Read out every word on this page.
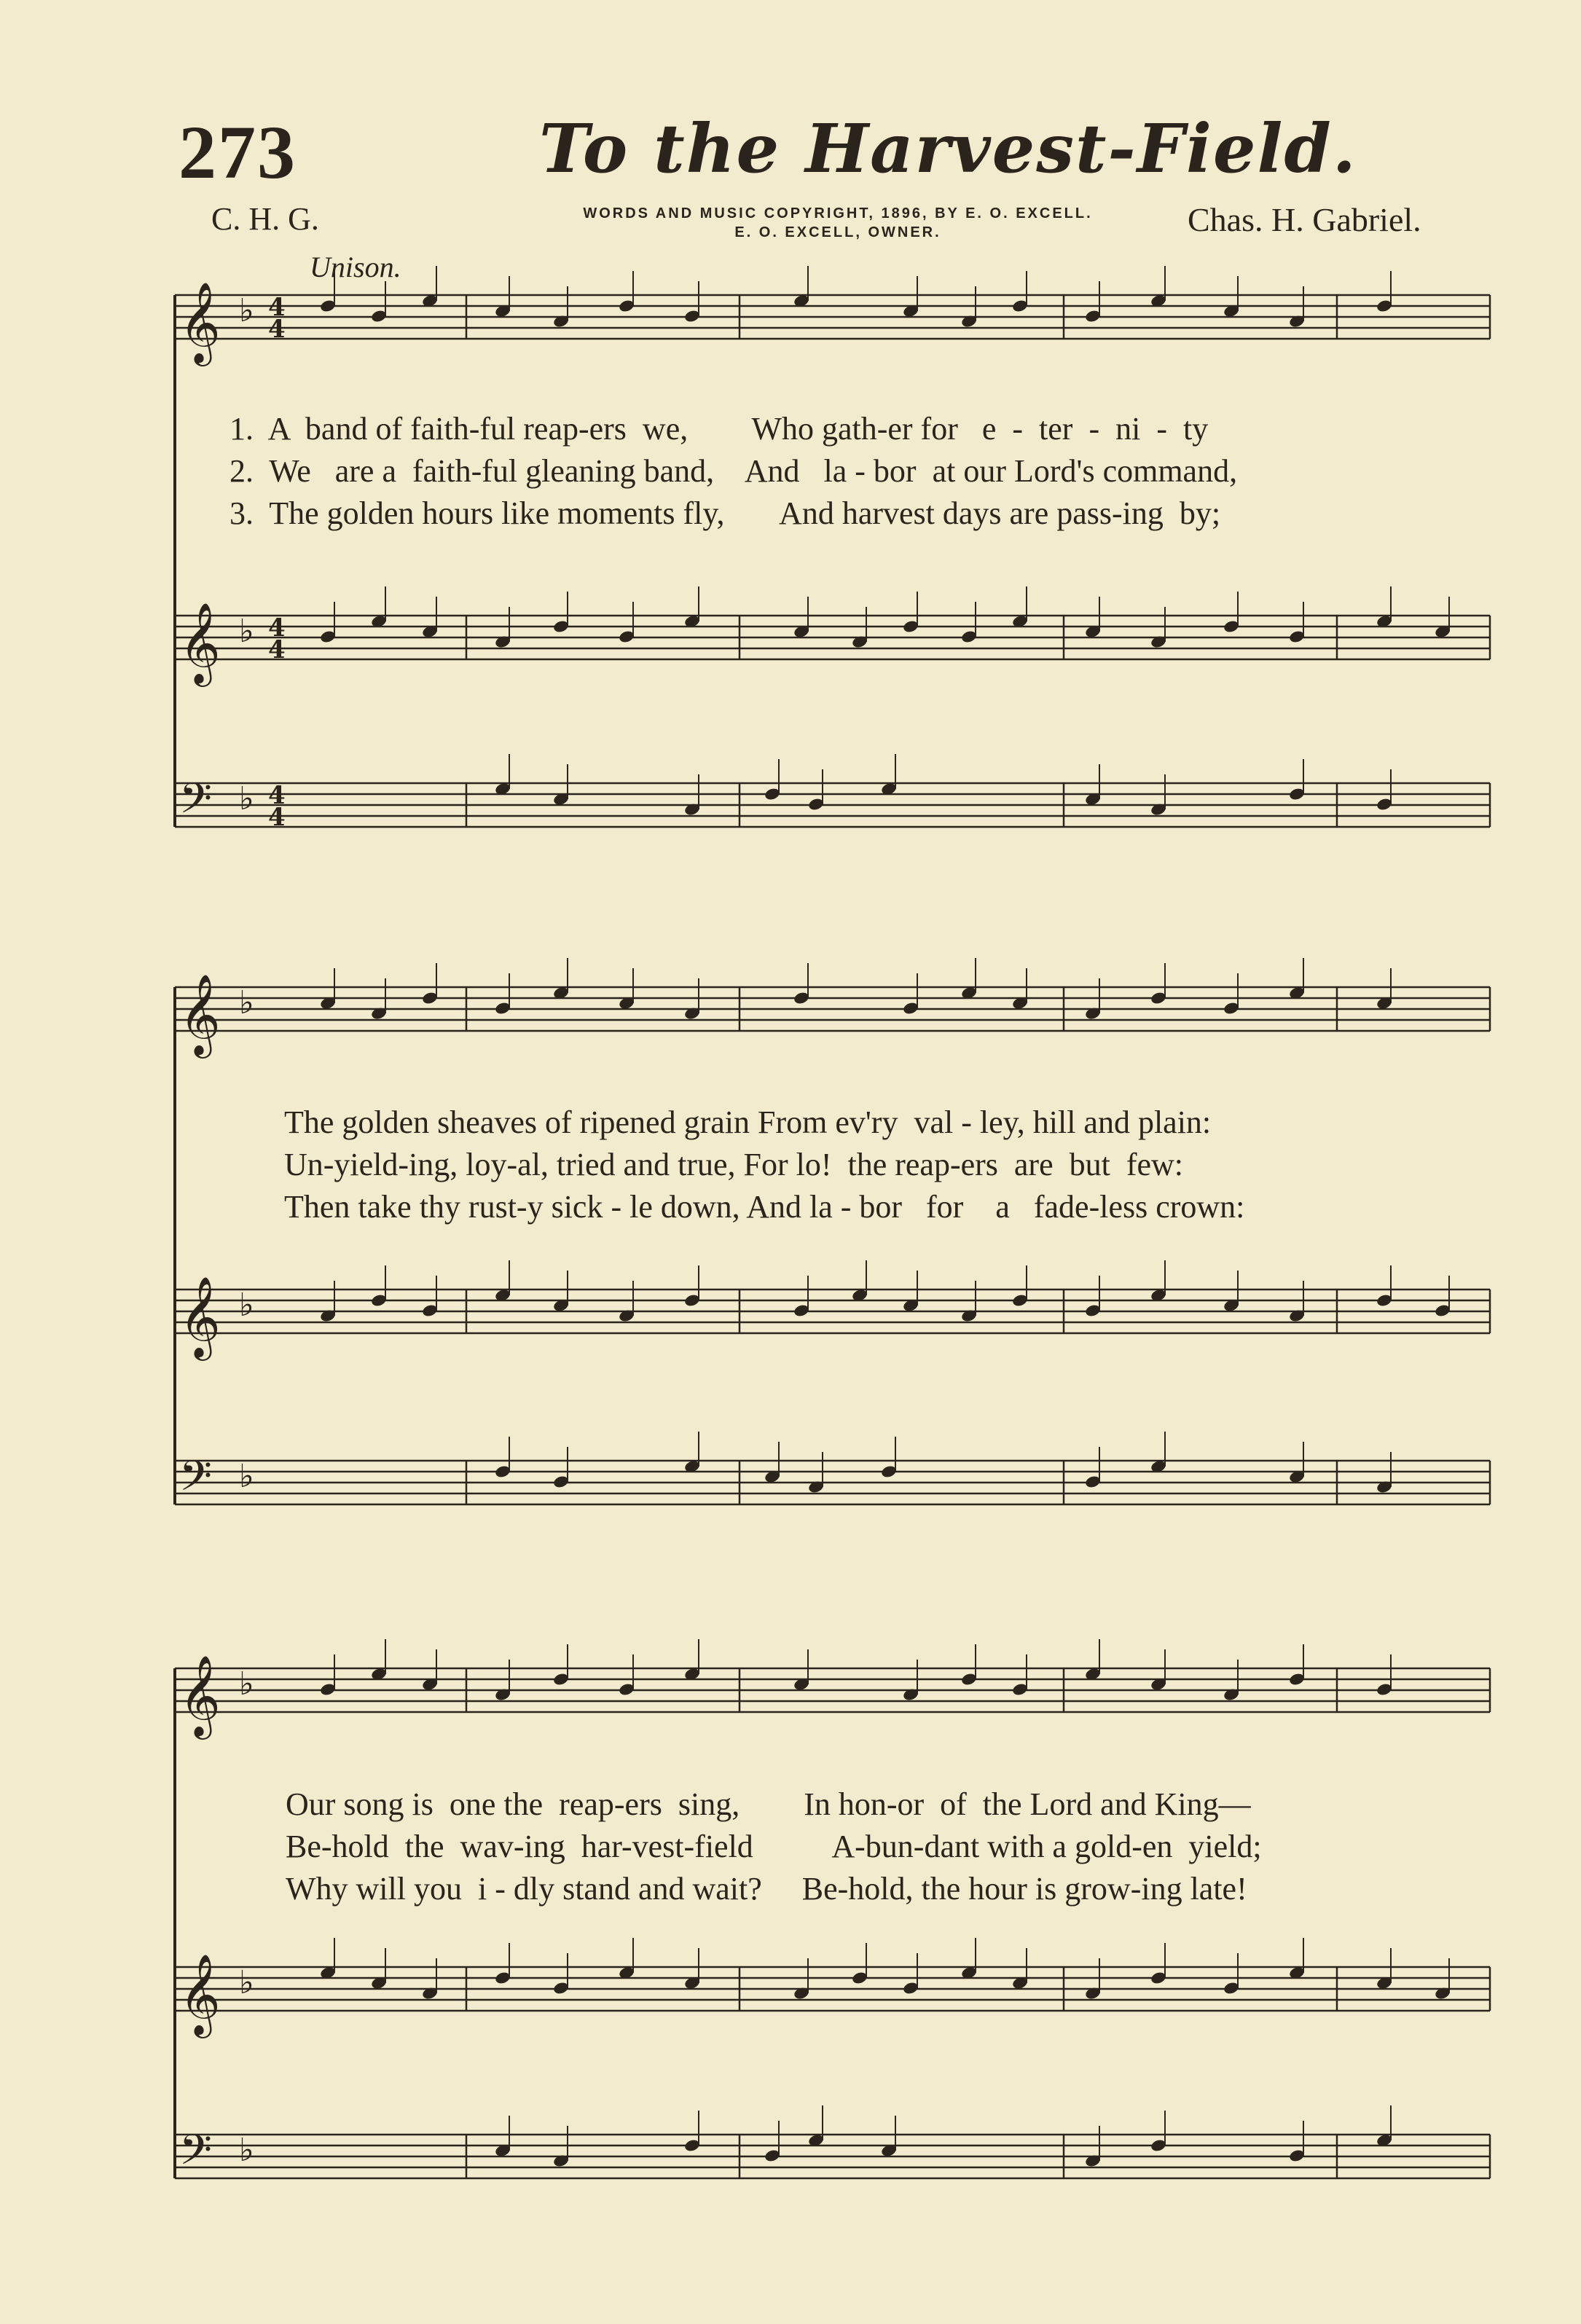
273	To the Harvest-Field.
C. H. G.	WORDS AND MUSIC COPYRIGHT, 1896, BY E. O. EXCELL.
E. O. EXCELL, OWNER.	Chas. H. Gabriel.
Unison.
𝄞 ♭
𝄞 ♭
𝄢 ♭
4
4
4
4
4
4
𝄞 ♭
𝄞 ♭
𝄢 ♭
𝄞 ♭
𝄞 ♭
𝄢 ♭
1.  A  band of faith-ful reap-ers  we,        Who gath-er for   e  -  ter  -  ni  -  ty
2.  We   are a  faith-ful gleaning band,    And   la - bor  at our Lord's command,
3.  The golden hours like moments fly,       And harvest days are pass-ing  by;
The golden sheaves of ripened grain From ev'ry  val - ley, hill and plain:
Un-yield-ing, loy-al, tried and true, For lo!  the reap-ers  are  but  few:
Then take thy rust-y sick - le down, And la - bor   for    a   fade-less crown:
Our song is  one the  reap-ers  sing,        In hon-or  of  the Lord and King—
Be-hold  the  wav-ing  har-vest-field          A-bun-dant with a gold-en  yield;
Why will you  i - dly stand and wait?     Be-hold, the hour is grow-ing late!
